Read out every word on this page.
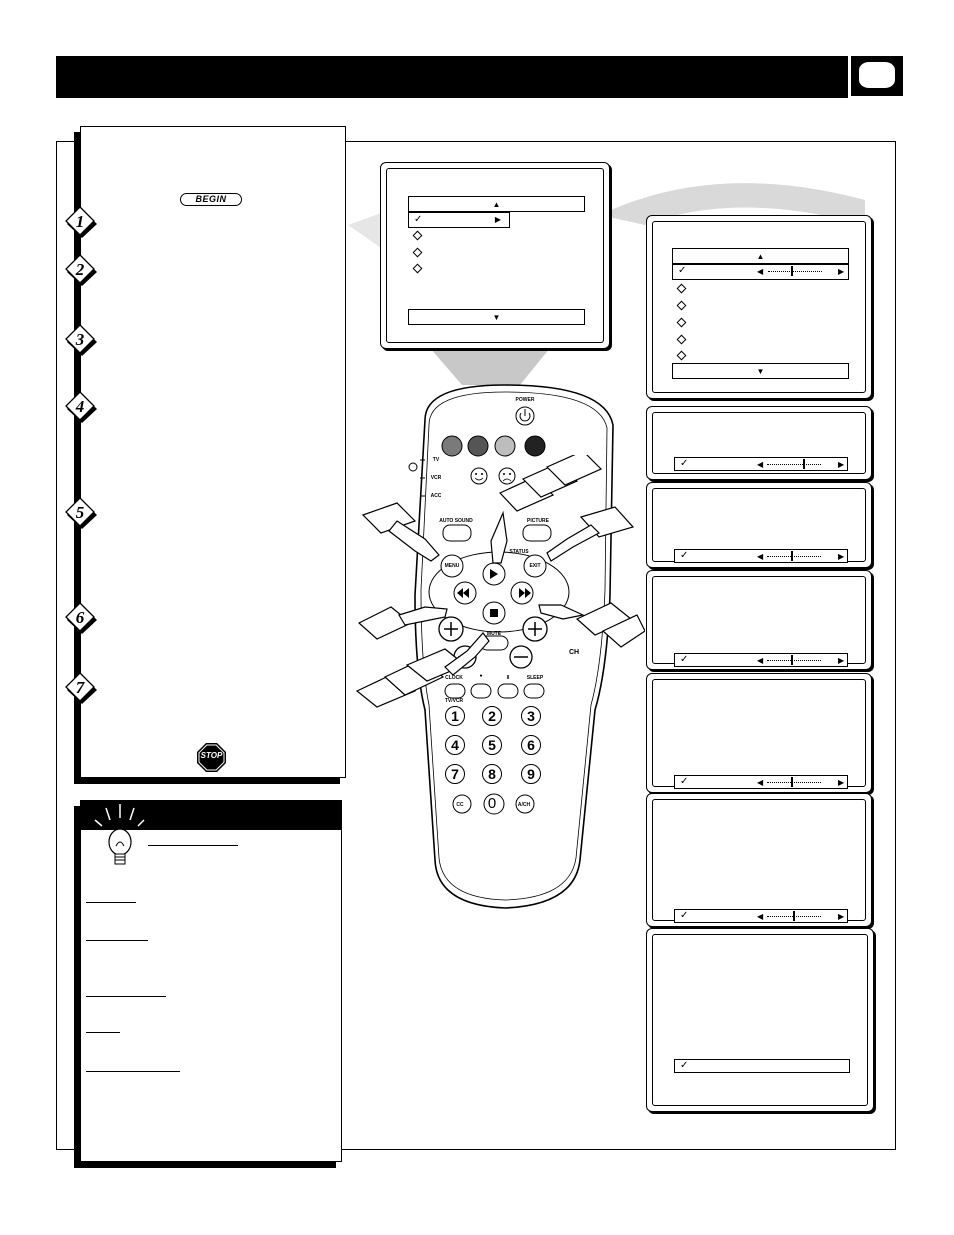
BEGIN
1
2
3
4
5
6
7
STOP
▲
✓	▶
▼
▲
✓	◀	▶
▼
✓	◀	▶
✓	◀	▶
✓	◀	▶
✓	◀	▶
✓	◀	▶
✓
POWER
TV
VCR
ACC
AUTO SOUND	PICTURE
STATUS
MENU	EXIT
MUTE
CH
CLOCK	●	II	SLEEP
TV/VCR
1	2	3
4	5	6
7	8	9
CC 0	A/CH
